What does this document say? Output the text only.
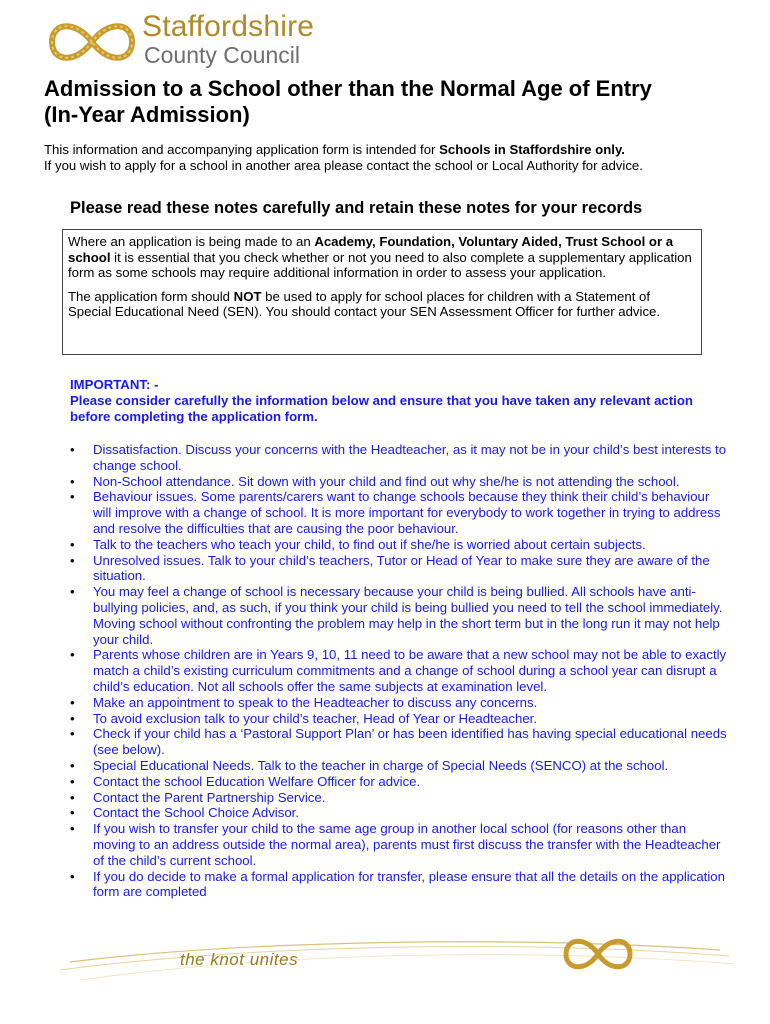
Staffordshire
County Council
Admission to a School other than the Normal Age of Entry
(In-Year Admission)
This information and accompanying application form is intended for Schools in Staffordshire only.
If you wish to apply for a school in another area please contact the school or Local Authority for advice.
Please read these notes carefully and retain these notes for your records

Where an application is being made to an Academy, Foundation, Voluntary Aided, Trust School or a school it is essential that you check whether or not you need to also complete a supplementary application form as some schools may require additional information in order to assess your application.

The application form should NOT be used to apply for school places for children with a Statement of Special Educational Need (SEN). You should contact your SEN Assessment Officer for further advice.

IMPORTANT: -
Please consider carefully the information below and ensure that you have taken any relevant action before completing the application form.
• Dissatisfaction. Discuss your concerns with the Headteacher, as it may not be in your child’s best interests to change school.
• Non-School attendance. Sit down with your child and find out why she/he is not attending the school.
• Behaviour issues. Some parents/carers want to change schools because they think their child’s behaviour will improve with a change of school. It is more important for everybody to work together in trying to address and resolve the difficulties that are causing the poor behaviour.
• Talk to the teachers who teach your child, to find out if she/he is worried about certain subjects.
• Unresolved issues. Talk to your child’s teachers, Tutor or Head of Year to make sure they are aware of the situation.
• You may feel a change of school is necessary because your child is being bullied. All schools have anti-bullying policies, and, as such, if you think your child is being bullied you need to tell the school immediately. Moving school without confronting the problem may help in the short term but in the long run it may not help your child.
• Parents whose children are in Years 9, 10, 11 need to be aware that a new school may not be able to exactly match a child’s existing curriculum commitments and a change of school during a school year can disrupt a child’s education. Not all schools offer the same subjects at examination level.
• Make an appointment to speak to the Headteacher to discuss any concerns.
• To avoid exclusion talk to your child’s teacher, Head of Year or Headteacher.
• Check if your child has a ‘Pastoral Support Plan’ or has been identified has having special educational needs (see below).
• Special Educational Needs. Talk to the teacher in charge of Special Needs (SENCO) at the school.
• Contact the school Education Welfare Officer for advice.
• Contact the Parent Partnership Service.
• Contact the School Choice Advisor.
• If you wish to transfer your child to the same age group in another local school (for reasons other than moving to an address outside the normal area), parents must first discuss the transfer with the Headteacher of the child’s current school.
• If you do decide to make a formal application for transfer, please ensure that all the details on the application form are completed
the knot unites
